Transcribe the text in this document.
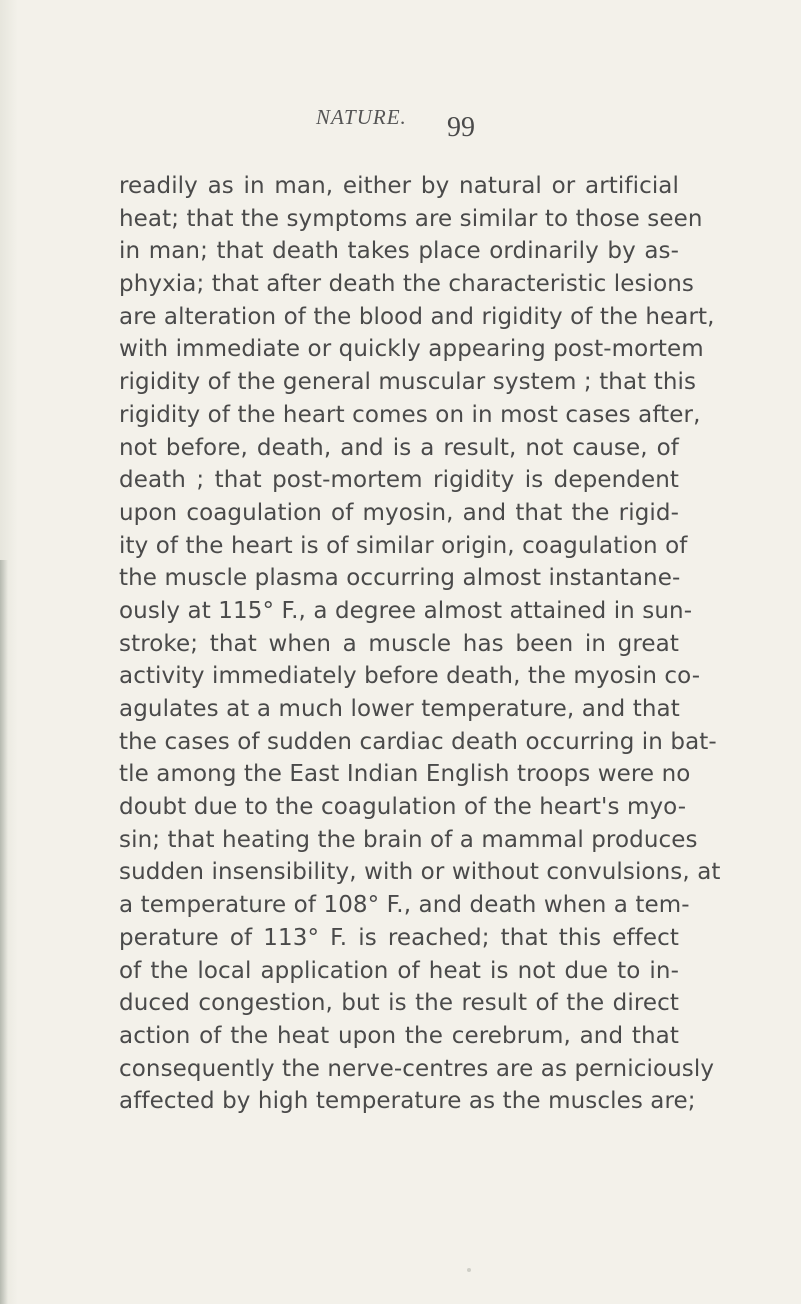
NATURE. 99
readily as in man, either by natural or artificial
heat; that the symptoms are similar to those seen
in man; that death takes place ordinarily by as-
phyxia; that after death the characteristic lesions
are alteration of the blood and rigidity of the heart,
with immediate or quickly appearing post-mortem
rigidity of the general muscular system ; that this
rigidity of the heart comes on in most cases after,
not before, death, and is a result, not cause, of
death ; that post-mortem rigidity is dependent
upon coagulation of myosin, and that the rigid-
ity of the heart is of similar origin, coagulation of
the muscle plasma occurring almost instantane-
ously at 115° F., a degree almost attained in sun-
stroke; that when a muscle has been in great
activity immediately before death, the myosin co-
agulates at a much lower temperature, and that
the cases of sudden cardiac death occurring in bat-
tle among the East Indian English troops were no
doubt due to the coagulation of the heart's myo-
sin; that heating the brain of a mammal produces
sudden insensibility, with or without convulsions, at
a temperature of 108° F., and death when a tem-
perature of 113° F. is reached; that this effect
of the local application of heat is not due to in-
duced congestion, but is the result of the direct
action of the heat upon the cerebrum, and that
consequently the nerve-centres are as perniciously
affected by high temperature as the muscles are;
